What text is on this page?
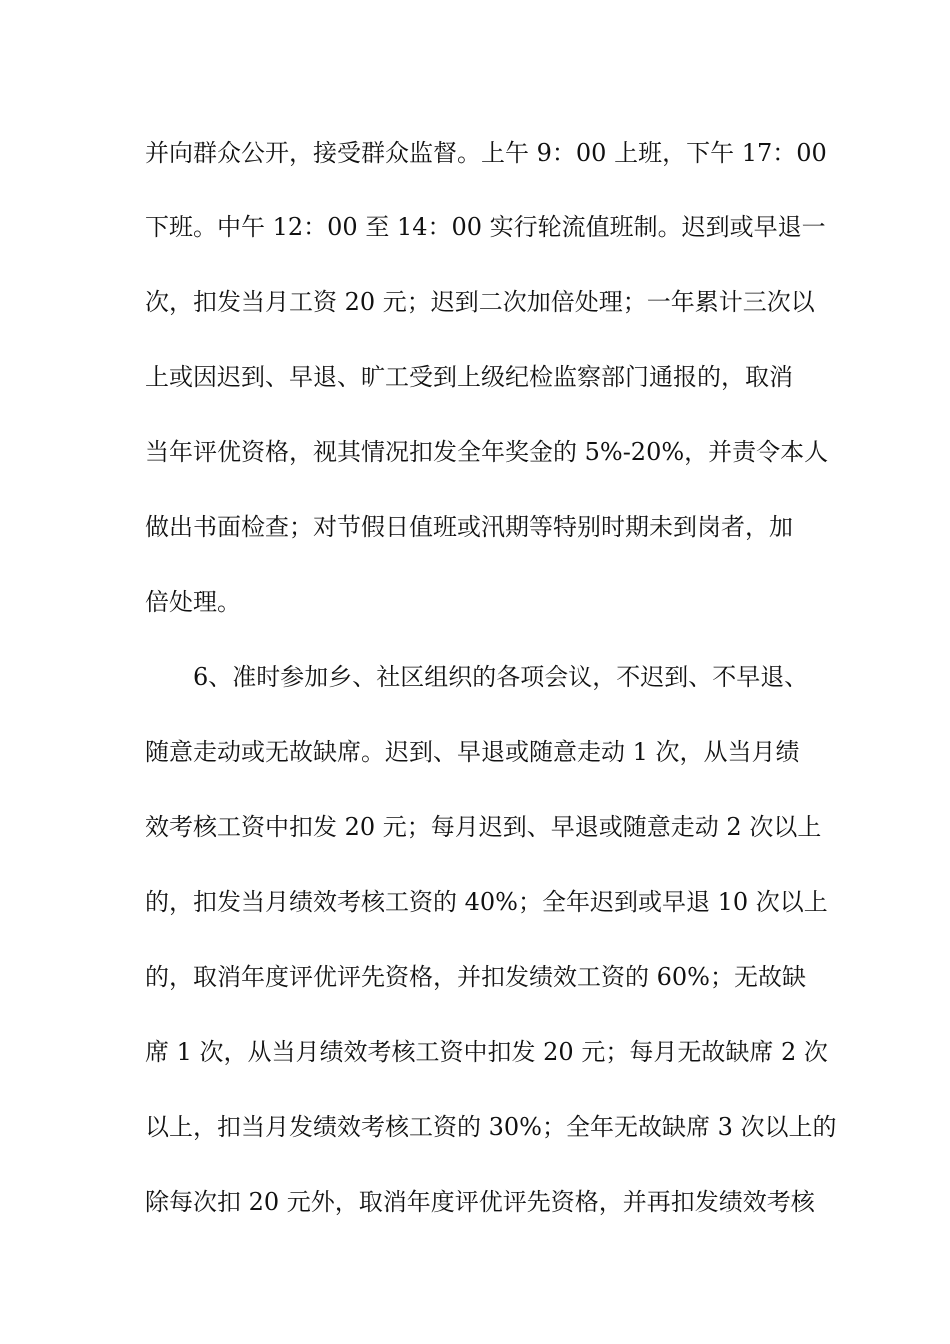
并向群众公开，接受群众监督。上午 9：00 上班，下午 17：00
下班。中午 12：00 至 14：00 实行轮流值班制。迟到或早退一
次，扣发当月工资 20 元；迟到二次加倍处理；一年累计三次以
上或因迟到、早退、旷工受到上级纪检监察部门通报的，取消
当年评优资格，视其情况扣发全年奖金的 5%-20%，并责令本人
做出书面检查；对节假日值班或汛期等特别时期未到岗者，加
倍处理。
6、准时参加乡、社区组织的各项会议，不迟到、不早退、
随意走动或无故缺席。迟到、早退或随意走动 1 次，从当月绩
效考核工资中扣发 20 元；每月迟到、早退或随意走动 2 次以上
的，扣发当月绩效考核工资的 40%；全年迟到或早退 10 次以上
的，取消年度评优评先资格，并扣发绩效工资的 60%；无故缺
席 1 次，从当月绩效考核工资中扣发 20 元；每月无故缺席 2 次
以上，扣当月发绩效考核工资的 30%；全年无故缺席 3 次以上的
除每次扣 20 元外，取消年度评优评先资格，并再扣发绩效考核
